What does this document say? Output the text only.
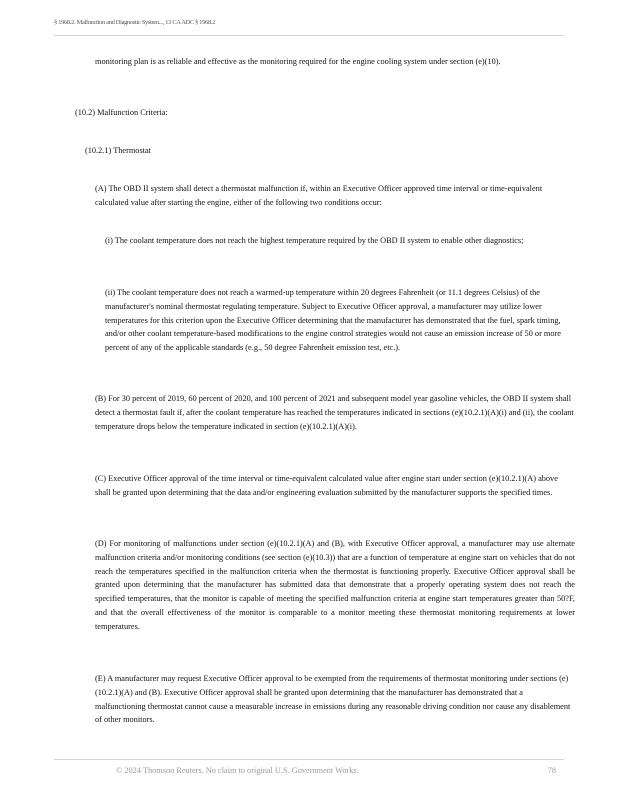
§ 1968.2. Malfunction and Diagnostic System..., 13 CA ADC § 1968.2

monitoring plan is as reliable and effective as the monitoring required for the engine cooling system under section (e)(10).

(10.2) Malfunction Criteria:

(10.2.1) Thermostat

(A) The OBD II system shall detect a thermostat malfunction if, within an Executive Officer approved time interval or time-equivalent calculated value after starting the engine, either of the following two conditions occur:

(i) The coolant temperature does not reach the highest temperature required by the OBD II system to enable other diagnostics;

(ii) The coolant temperature does not reach a warmed-up temperature within 20 degrees Fahrenheit (or 11.1 degrees Celsius) of the manufacturer's nominal thermostat regulating temperature. Subject to Executive Officer approval, a manufacturer may utilize lower temperatures for this criterion upon the Executive Officer determining that the manufacturer has demonstrated that the fuel, spark timing, and/or other coolant temperature-based modifications to the engine control strategies would not cause an emission increase of 50 or more percent of any of the applicable standards (e.g., 50 degree Fahrenheit emission test, etc.).

(B) For 30 percent of 2019, 60 percent of 2020, and 100 percent of 2021 and subsequent model year gasoline vehicles, the OBD II system shall detect a thermostat fault if, after the coolant temperature has reached the temperatures indicated in sections (e)(10.2.1)(A)(i) and (ii), the coolant temperature drops below the temperature indicated in section (e)(10.2.1)(A)(i).

(C) Executive Officer approval of the time interval or time-equivalent calculated value after engine start under section (e)(10.2.1)(A) above shall be granted upon determining that the data and/or engineering evaluation submitted by the manufacturer supports the specified times.

(D) For monitoring of malfunctions under section (e)(10.2.1)(A) and (B), with Executive Officer approval, a manufacturer may use alternate malfunction criteria and/or monitoring conditions (see section (e)(10.3)) that are a function of temperature at engine start on vehicles that do not reach the temperatures specified in the malfunction criteria when the thermostat is functioning properly. Executive Officer approval shall be granted upon determining that the manufacturer has submitted data that demonstrate that a properly operating system does not reach the specified temperatures, that the monitor is capable of meeting the specified malfunction criteria at engine start temperatures greater than 50?F, and that the overall effectiveness of the monitor is comparable to a monitor meeting these thermostat monitoring requirements at lower temperatures.

(E) A manufacturer may request Executive Officer approval to be exempted from the requirements of thermostat monitoring under sections (e)(10.2.1)(A) and (B). Executive Officer approval shall be granted upon determining that the manufacturer has demonstrated that a malfunctioning thermostat cannot cause a measurable increase in emissions during any reasonable driving condition nor cause any disablement of other monitors.

© 2024 Thomson Reuters. No claim to original U.S. Government Works.	78
